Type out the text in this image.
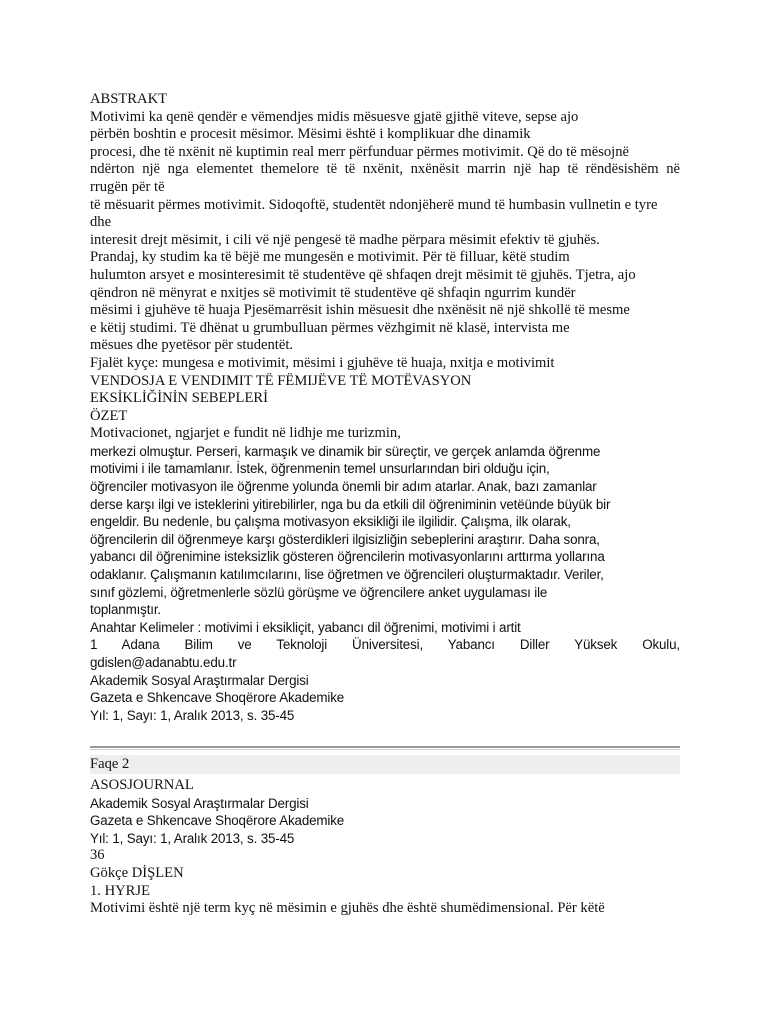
ABSTRAKT
Motivimi ka qenë qendër e vëmendjes midis mësuesve gjatë gjithë viteve, sepse ajo
përbën boshtin e procesit mësimor. Mësimi është i komplikuar dhe dinamik
procesi, dhe të nxënit në kuptimin real merr përfunduar përmes motivimit. Që do të mësojnë
ndërton një nga elementet themelore të të nxënit, nxënësit marrin një hap të rëndësishëm në
rrugën për të
të mësuarit përmes motivimit. Sidoqoftë, studentët ndonjëherë mund të humbasin vullnetin e tyre
dhe
interesit drejt mësimit, i cili vë një pengesë të madhe përpara mësimit efektiv të gjuhës.
Prandaj, ky studim ka të bëjë me mungesën e motivimit. Për të filluar, këtë studim
hulumton arsyet e mosinteresimit të studentëve që shfaqen drejt mësimit të gjuhës. Tjetra, ajo
qëndron në mënyrat e nxitjes së motivimit të studentëve që shfaqin ngurrim kundër
mësimi i gjuhëve të huaja Pjesëmarrësit ishin mësuesit dhe nxënësit në një shkollë të mesme
e këtij studimi. Të dhënat u grumbulluan përmes vëzhgimit në klasë, intervista me
mësues dhe pyetësor për studentët.
Fjalët kyçe: mungesa e motivimit, mësimi i gjuhëve të huaja, nxitja e motivimit
VENDOSJA E VENDIMIT TË FËMIJËVE TË MOTËVASYON
EKSİKLİĞİNİN SEBEPLERİ
ÖZET
Motivacionet, ngjarjet e fundit në lidhje me turizmin,
merkezi olmuştur. Perseri, karmaşık ve dinamik bir süreçtir, ve gerçek anlamda öğrenme
motivimi i ile tamamlanır. İstek, öğrenmenin temel unsurlarından biri olduğu için,
öğrenciler motivasyon ile öğrenme yolunda önemli bir adım atarlar. Anak, bazı zamanlar
derse karşı ilgi ve isteklerini yitirebilirler, nga bu da etkili dil öğreniminin vetëünde büyük bir
engeldir. Bu nedenle, bu çalışma motivasyon eksikliği ile ilgilidir. Çalışma, ilk olarak,
öğrencilerin dil öğrenmeye karşı gösterdikleri ilgisizliğin sebeplerini araştırır. Daha sonra,
yabancı dil öğrenimine isteksizlik gösteren öğrencilerin motivasyonlarını arttırma yollarına
odaklanır. Çalışmanın katılımcılarını, lise öğretmen ve öğrencileri oluşturmaktadır. Veriler,
sınıf gözlemi, öğretmenlerle sözlü görüşme ve öğrencilere anket uygulaması ile
toplanmıştır.
Anahtar Kelimeler : motivimi i eksikliçit, yabancı dil öğrenimi, motivimi i artit
1 Adana Bilim ve Teknoloji Üniversitesi, Yabancı Diller Yüksek Okulu,
gdislen@adanabtu.edu.tr
Akademik Sosyal Araştırmalar Dergisi
Gazeta e Shkencave Shoqërore Akademike
Yıl: 1, Sayı: 1, Aralık 2013, s. 35-45
Faqe 2
ASOSJOURNAL
Akademik Sosyal Araştırmalar Dergisi
Gazeta e Shkencave Shoqërore Akademike
Yıl: 1, Sayı: 1, Aralık 2013, s. 35-45
36
Gökçe DİŞLEN
1. HYRJE
Motivimi është një term kyç në mësimin e gjuhës dhe është shumëdimensional. Për këtë
